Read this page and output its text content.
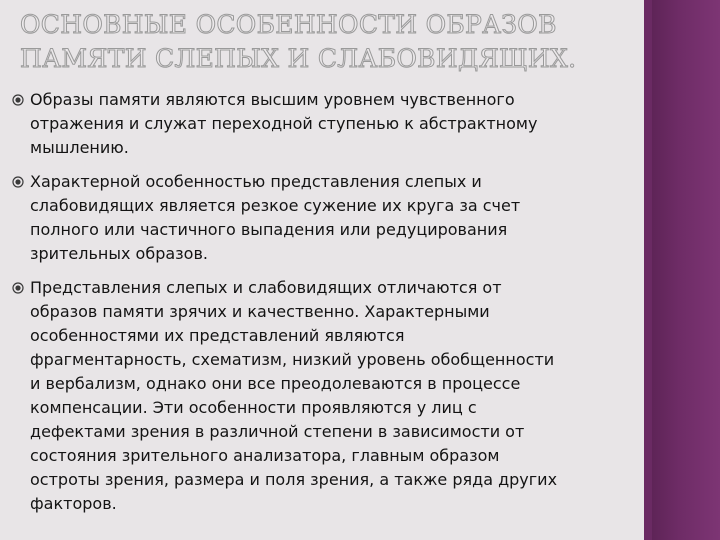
ОСНОВНЫЕ ОСОБЕННОСТИ ОБРАЗОВ
ПАМЯТИ СЛЕПЫХ И СЛАБОВИДЯЩИХ.
Образы памяти являются высшим уровнем чувственного
отражения и служат переходной ступенью к абстрактному
мышлению.
Характерной особенностью представления слепых и
слабовидящих является резкое сужение их круга за счет
полного или частичного выпадения или редуцирования
зрительных образов.
Представления слепых и слабовидящих отличаются от
образов памяти зрячих и качественно. Характерными
особенностями их представлений являются
фрагментарность, схематизм, низкий уровень обобщенности
и вербализм, однако они все преодолеваются в процессе
компенсации. Эти особенности проявляются у лиц с
дефектами зрения в различной степени в зависимости от
состояния зрительного анализатора, главным образом
остроты зрения, размера и поля зрения, а также ряда других
факторов.
